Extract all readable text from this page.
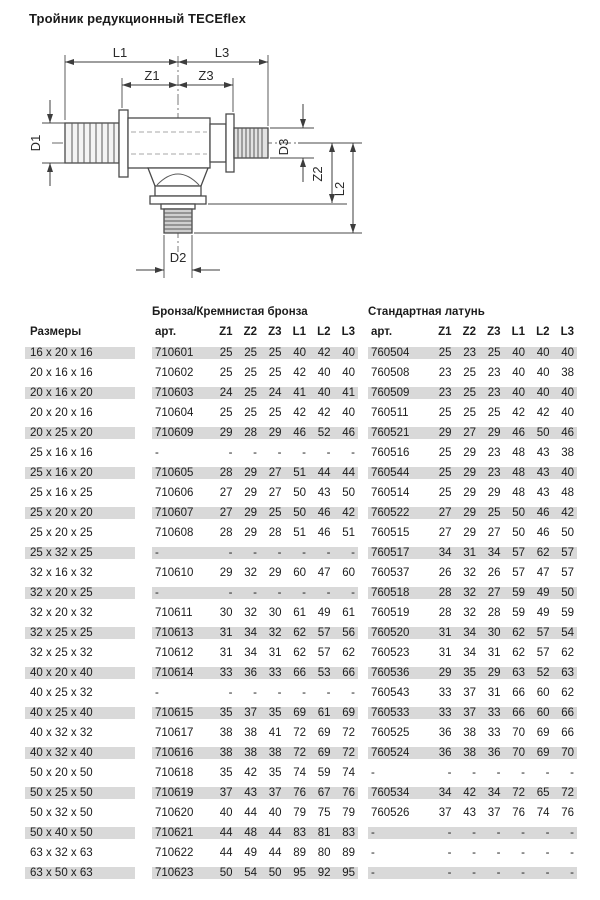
Тройник редукционный TECEflex
L1	L3
Z1	Z3
D1	D3
Z2
L2
D2
Бронза/Кремнистая бронза	Стандартная латунь
Размеры	арт.	Z1 Z2 Z3 L1 L2 L3 арт.	Z1 Z2 Z3 L1 L2 L3
16 x 20 x 16	710601	25	25	25	40	42	40 760504	25	23	25	40	40	40
20 x 16 x 16	710602	25	25	25	42	40	40 760508	23	25	23	40	40	38
20 x 16 x 20	710603	24	25	24	41	40	41 760509	23	25	23	40	40	40
20 x 20 x 16	710604	25	25	25	42	42	40 760511	25	25	25	42	42	40
20 x 25 x 20	710609	29	28	29	46	52	46 760521	29	27	29	46	50	46
25 x 16 x 16	-	-	-	-	-	-	- 760516	25	29	23	48	43	38
25 x 16 x 20	710605	28	29	27	51	44	44 760544	25	29	23	48	43	40
25 x 16 x 25	710606	27	29	27	50	43	50 760514	25	29	29	48	43	48
25 x 20 x 20	710607	27	29	25	50	46	42 760522	27	29	25	50	46	42
25 x 20 x 25	710608	28	29	28	51	46	51 760515	27	29	27	50	46	50
25 x 32 x 25	-	-	-	-	-	-	- 760517	34	31	34	57	62	57
32 x 16 x 32	710610	29	32	29	60	47	60 760537	26	32	26	57	47	57
32 x 20 x 25	-	-	-	-	-	-	- 760518	28	32	27	59	49	50
32 x 20 x 32	710611	30	32	30	61	49	61 760519	28	32	28	59	49	59
32 x 25 x 25	710613	31	34	32	62	57	56 760520	31	34	30	62	57	54
32 x 25 x 32	710612	31	34	31	62	57	62 760523	31	34	31	62	57	62
40 x 20 x 40	710614	33	36	33	66	53	66 760536	29	35	29	63	52	63
40 x 25 x 32	-	-	-	-	-	-	- 760543	33	37	31	66	60	62
40 x 25 x 40	710615	35	37	35	69	61	69 760533	33	37	33	66	60	66
40 x 32 x 32	710617	38	38	41	72	69	72 760525	36	38	33	70	69	66
40 x 32 x 40	710616	38	38	38	72	69	72 760524	36	38	36	70	69	70
50 x 20 x 50	710618	35	42	35	74	59	74 -	-	-	-	-	-	-
50 x 25 x 50	710619	37	43	37	76	67	76 760534	34	42	34	72	65	72
50 x 32 x 50	710620	40	44	40	79	75	79 760526	37	43	37	76	74	76
50 x 40 x 50	710621	44	48	44	83	81	83 -	-	-	-	-	-	-
63 x 32 x 63	710622	44	49	44	89	80	89 -	-	-	-	-	-	-
63 x 50 x 63	710623	50	54	50	95	92	95 -	-	-	-	-	-	-
